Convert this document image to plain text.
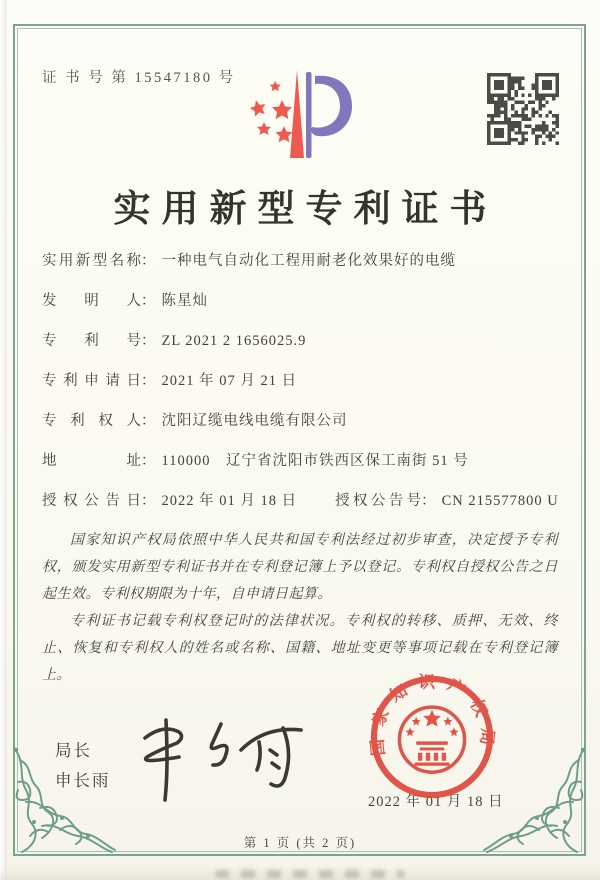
证 书 号 第 15547180 号
实用新型专利证书
实用新型名称： 一种电气自动化工程用耐老化效果好的电缆
发明人： 陈星灿
专利号： ZL 2021 2 1656025.9
专利申请日： 2021 年 07 月 21 日
专利权人： 沈阳辽缆电线电缆有限公司
地址： 110000　辽宁省沈阳市铁西区保工南街 51 号
授权公告日： 2022 年 01 月 18 日	授权公告号： CN 215577800 U

国家知识产权局依照中华人民共和国专利法经过初步审查，决定授予专利权，颁发实用新型专利证书并在专利登记簿上予以登记。专利权自授权公告之日起生效。专利权期限为十年，自申请日起算。

专利证书记载专利权登记时的法律状况。专利权的转移、质押、无效、终止、恢复和专利权人的姓名或名称、国籍、地址变更等事项记载在专利登记簿上。

局长
申长雨
2022 年 01 月 18 日
国家知识产权局
第 1 页 (共 2 页)
